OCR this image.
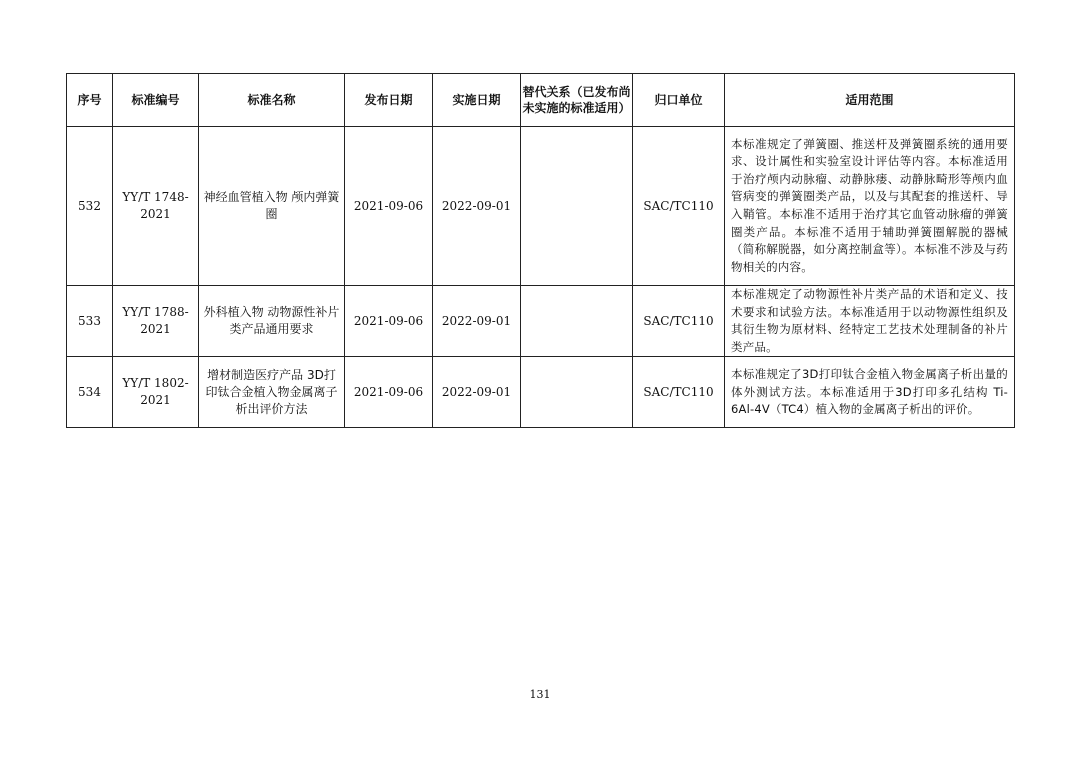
序号	标准编号	标准名称	发布日期	实施日期	替代关系（已发布尚未实施的标准适用）	归口单位	适用范围
532	YY/T 1748-2021	神经血管植入物 颅内弹簧圈	2021-09-06	2022-09-01		SAC/TC110	本标准规定了弹簧圈、推送杆及弹簧圈系统的通用要求、设计属性和实验室设计评估等内容。本标准适用于治疗颅内动脉瘤、动静脉瘘、动静脉畸形等颅内血管病变的弹簧圈类产品，以及与其配套的推送杆、导入鞘管。本标准不适用于治疗其它血管动脉瘤的弹簧圈类产品。本标准不适用于辅助弹簧圈解脱的器械（简称解脱器，如分离控制盒等）。本标准不涉及与药物相关的内容。
533	YY/T 1788-2021	外科植入物 动物源性补片类产品通用要求	2021-09-06	2022-09-01		SAC/TC110	本标准规定了动物源性补片类产品的术语和定义、技术要求和试验方法。本标准适用于以动物源性组织及其衍生物为原材料、经特定工艺技术处理制备的补片类产品。
534	YY/T 1802-2021	增材制造医疗产品 3D打印钛合金植入物金属离子析出评价方法	2021-09-06	2022-09-01		SAC/TC110	本标准规定了3D打印钛合金植入物金属离子析出量的体外测试方法。本标准适用于3D打印多孔结构 Ti-6Al-4V（TC4）植入物的金属离子析出的评价。
131
